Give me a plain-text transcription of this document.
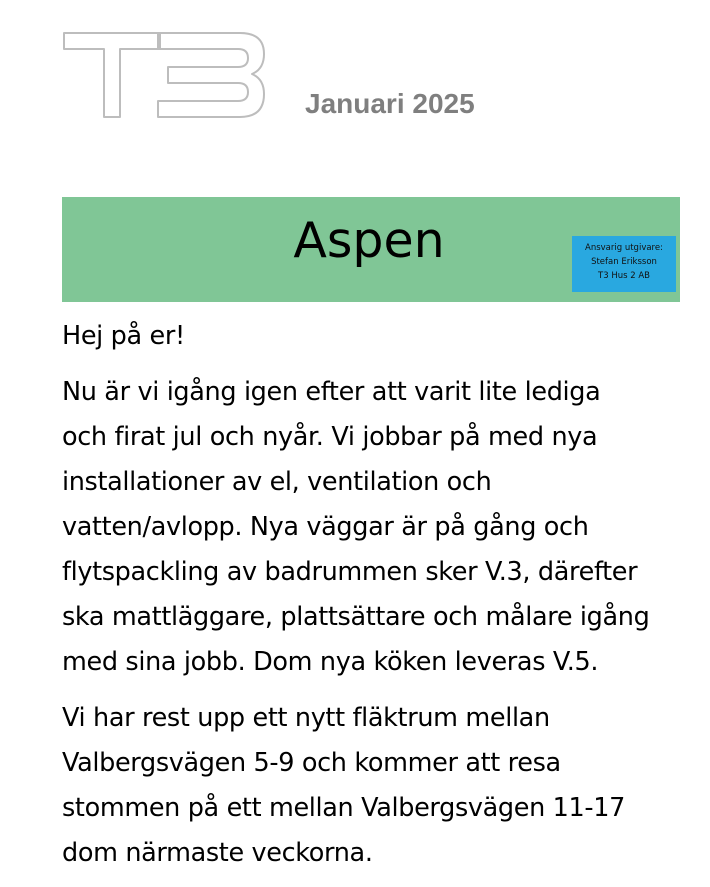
Januari 2025
Aspen	Ansvarig utgivare:
Stefan Eriksson
T3 Hus 2 AB

Hej på er!

Nu är vi igång igen efter att varit lite lediga
och firat jul och nyår. Vi jobbar på med nya
installationer av el, ventilation och
vatten/avlopp. Nya väggar är på gång och
flytspackling av badrummen sker V.3, därefter
ska mattläggare, plattsättare och målare igång
med sina jobb. Dom nya köken leveras V.5.

Vi har rest upp ett nytt fläktrum mellan
Valbergsvägen 5-9 och kommer att resa
stommen på ett mellan Valbergsvägen 11-17
dom närmaste veckorna.
